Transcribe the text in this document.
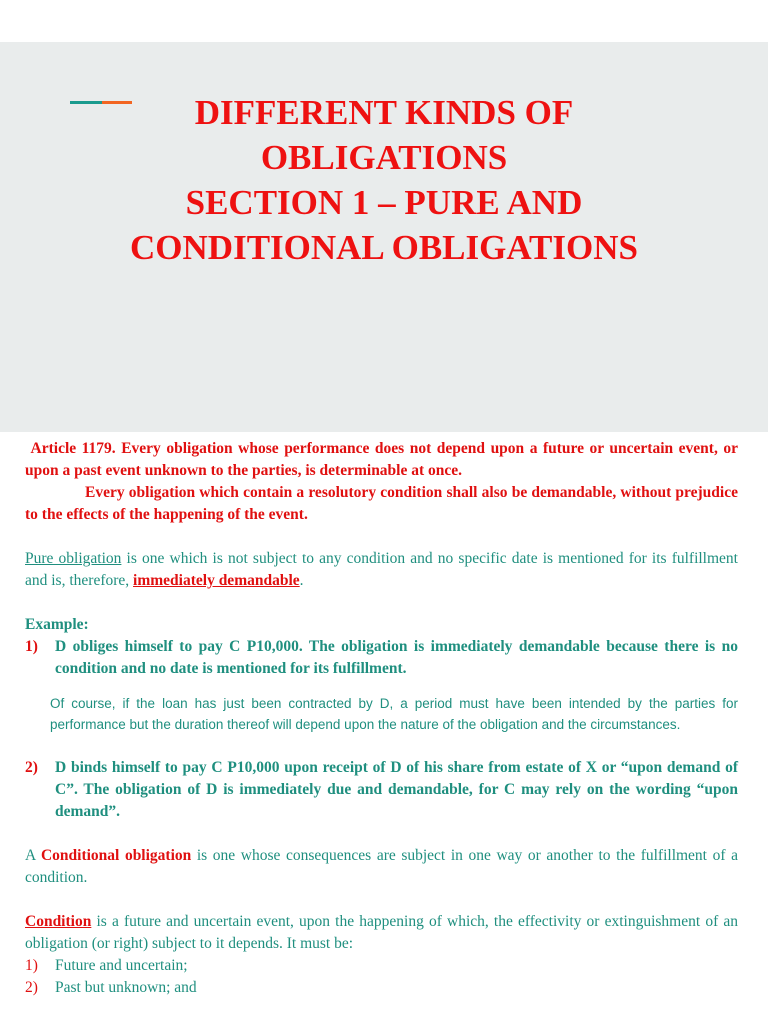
DIFFERENT KINDS OF
OBLIGATIONS
SECTION 1 – PURE AND
CONDITIONAL OBLIGATIONS

Article 1179. Every obligation whose performance does not depend upon a future or uncertain event, or upon a past event unknown to the parties, is determinable at once.

Every obligation which contain a resolutory condition shall also be demandable, without prejudice to the effects of the happening of the event.

Pure obligation is one which is not subject to any condition and no specific date is mentioned for its fulfillment and is, therefore, immediately demandable.

Example:

1) D obliges himself to pay C P10,000. The obligation is immediately demandable because there is no condition and no date is mentioned for its fulfillment.

Of course, if the loan has just been contracted by D, a period must have been intended by the parties for performance but the duration thereof will depend upon the nature of the obligation and the circumstances.

2) D binds himself to pay C P10,000 upon receipt of D of his share from estate of X or “upon demand of C”. The obligation of D is immediately due and demandable, for C may rely on the wording “upon demand”.

A Conditional obligation is one whose consequences are subject in one way or another to the fulfillment of a condition.

Condition is a future and uncertain event, upon the happening of which, the effectivity or extinguishment of an obligation (or right) subject to it depends. It must be:

1) Future and uncertain;

2) Past but unknown; and
